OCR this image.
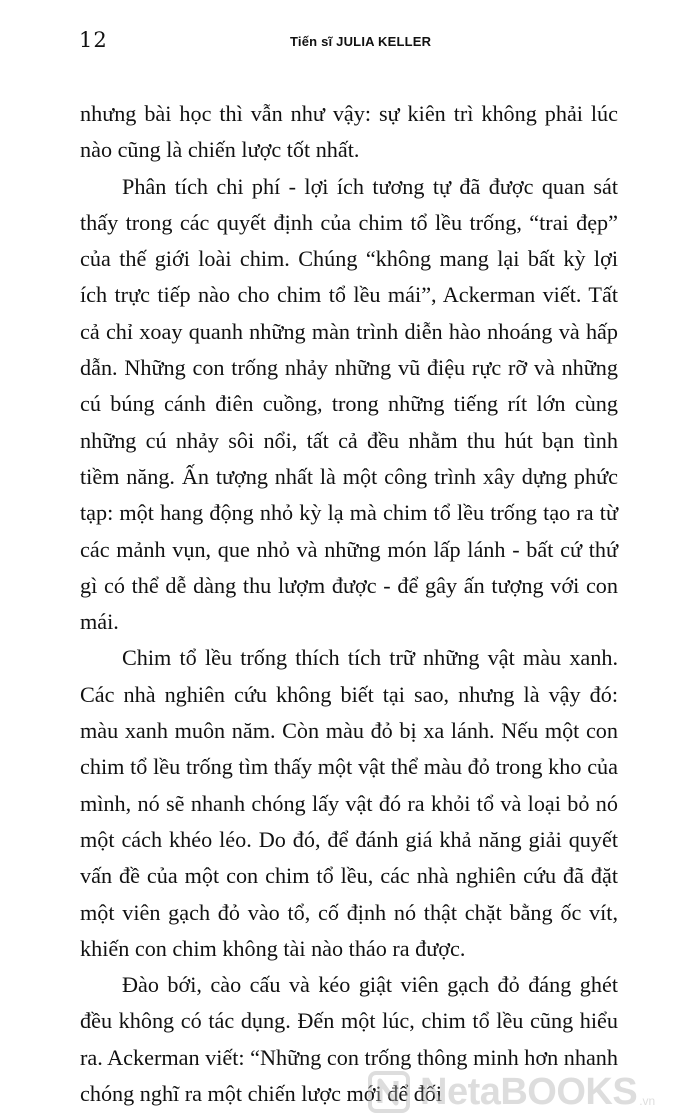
12	Tiến sĩ JULIA KELLER

nhưng bài học thì vẫn như vậy: sự kiên trì không phải lúc nào cũng là chiến lược tốt nhất.

Phân tích chi phí - lợi ích tương tự đã được quan sát thấy trong các quyết định của chim tổ lều trống, “trai đẹp” của thế giới loài chim. Chúng “không mang lại bất kỳ lợi ích trực tiếp nào cho chim tổ lều mái”, Ackerman viết. Tất cả chỉ xoay quanh những màn trình diễn hào nhoáng và hấp dẫn. Những con trống nhảy những vũ điệu rực rỡ và những cú búng cánh điên cuồng, trong những tiếng rít lớn cùng những cú nhảy sôi nổi, tất cả đều nhằm thu hút bạn tình tiềm năng. Ấn tượng nhất là một công trình xây dựng phức tạp: một hang động nhỏ kỳ lạ mà chim tổ lều trống tạo ra từ các mảnh vụn, que nhỏ và những món lấp lánh - bất cứ thứ gì có thể dễ dàng thu lượm được - để gây ấn tượng với con mái.

Chim tổ lều trống thích tích trữ những vật màu xanh. Các nhà nghiên cứu không biết tại sao, nhưng là vậy đó: màu xanh muôn năm. Còn màu đỏ bị xa lánh. Nếu một con chim tổ lều trống tìm thấy một vật thể màu đỏ trong kho của mình, nó sẽ nhanh chóng lấy vật đó ra khỏi tổ và loại bỏ nó một cách khéo léo. Do đó, để đánh giá khả năng giải quyết vấn đề của một con chim tổ lều, các nhà nghiên cứu đã đặt một viên gạch đỏ vào tổ, cố định nó thật chặt bằng ốc vít, khiến con chim không tài nào tháo ra được.

Đào bới, cào cấu và kéo giật viên gạch đỏ đáng ghét đều không có tác dụng. Đến một lúc, chim tổ lều cũng hiểu ra. Ackerman viết: “Những con trống thông minh hơn nhanh chóng nghĩ ra một chiến lược mới để đối

NetaBOOKS .vn
